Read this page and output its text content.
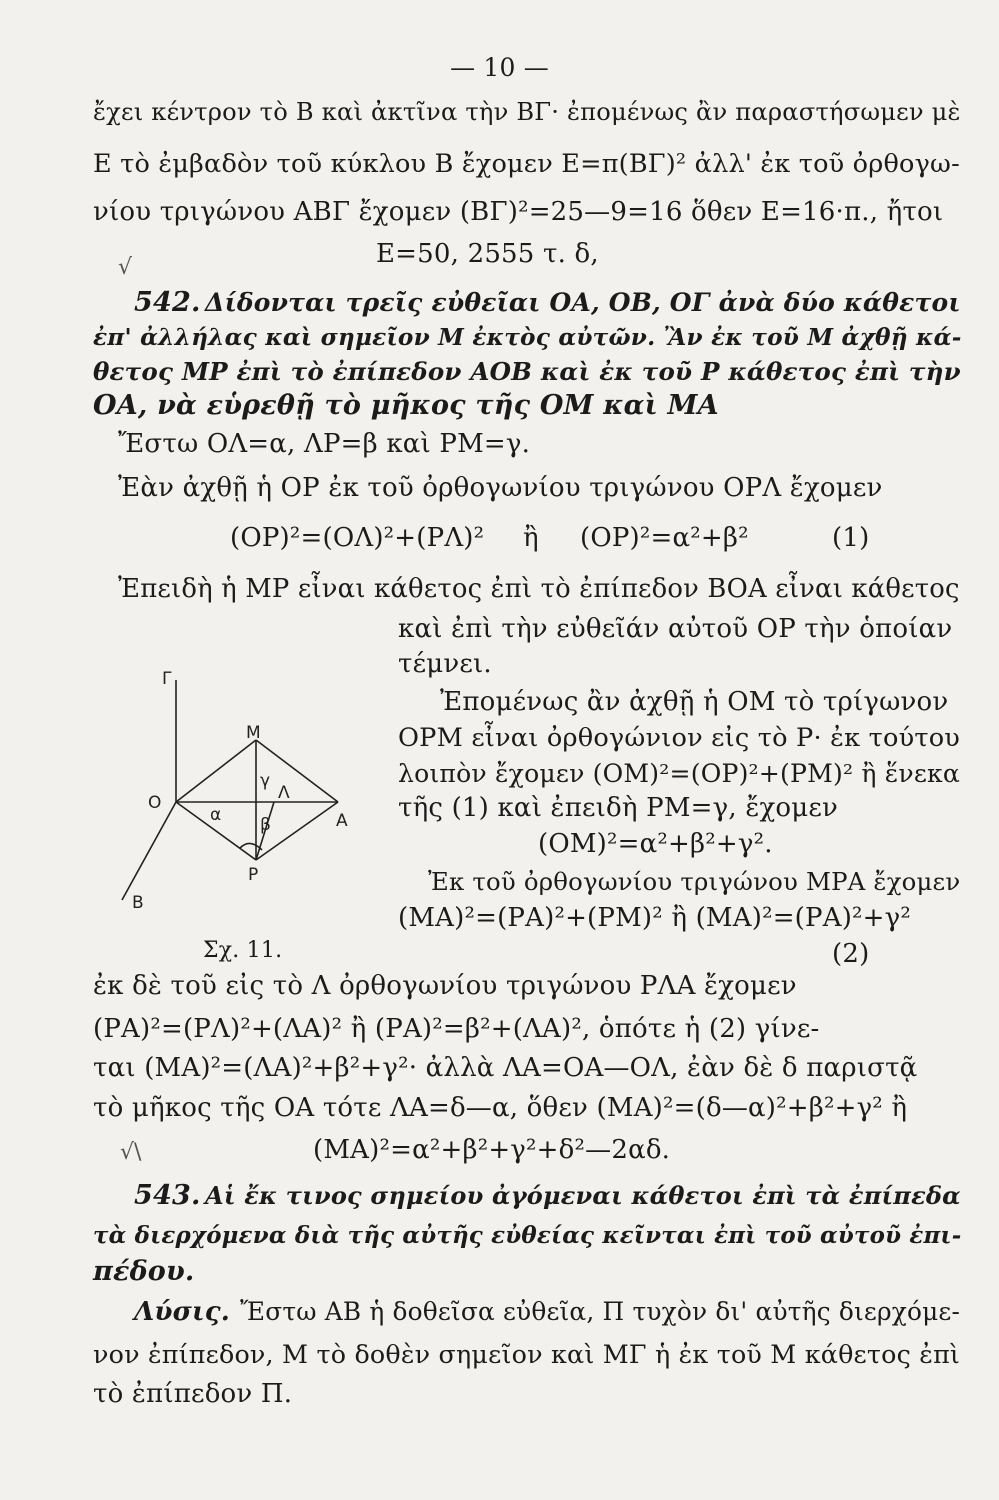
— 10 —
ἔχει κέντρον τὸ Β καὶ ἀκτῖνα τὴν ΒΓ· ἐπομένως ἂν παραστήσωμεν μὲ
Ε τὸ ἐμβαδὸν τοῦ κύκλου Β ἔχομεν Ε=π(ΒΓ)² ἀλλ' ἐκ τοῦ ὀρθογω-
νίου τριγώνου ΑΒΓ ἔχομεν (ΒΓ)²=25—9=16 ὅθεν Ε=16·π., ἤτοι
Ε=50, 2555 τ. δ,
√
542. Δίδονται τρεῖς εὐθεῖαι ΟΑ, ΟΒ, ΟΓ ἀνὰ δύο κάθετοι
ἐπ' ἀλλήλας καὶ σημεῖον Μ ἐκτὸς αὐτῶν. Ἂν ἐκ τοῦ Μ ἀχθῇ κά-
θετος ΜΡ ἐπὶ τὸ ἐπίπεδον ΑΟΒ καὶ ἐκ τοῦ Ρ κάθετος ἐπὶ τὴν
ΟΑ, νὰ εὑρεθῇ τὸ μῆκος τῆς ΟΜ καὶ ΜΑ
Ἔστω ΟΛ=α, ΛΡ=β καὶ ΡΜ=γ.
Ἐὰν ἀχθῇ ἡ ΟΡ ἐκ τοῦ ὀρθογωνίου τριγώνου ΟΡΛ ἔχομεν
(ΟΡ)²=(ΟΛ)²+(ΡΛ)² ἢ (ΟΡ)²=α²+β²	(1)
Ἐπειδὴ ἡ ΜΡ εἶναι κάθετος ἐπὶ τὸ ἐπίπεδον ΒΟΑ εἶναι κάθετος
καὶ ἐπὶ τὴν εὐθεῖάν αὐτοῦ ΟΡ τὴν ὁποίαν
τέμνει.
Ἐπομένως ἂν ἀχθῇ ἡ ΟΜ τὸ τρίγωνον
ΟΡΜ εἶναι ὀρθογώνιον εἰς τὸ Ρ· ἐκ τούτου
λοιπὸν ἔχομεν (ΟΜ)²=(ΟΡ)²+(ΡΜ)² ἢ ἕνεκα
τῆς (1) καὶ ἐπειδὴ ΡΜ=γ, ἔχομεν
(ΟΜ)²=α²+β²+γ².
Ἐκ τοῦ ὀρθογωνίου τριγώνου ΜΡΑ ἔχομεν
(ΜΑ)²=(ΡΑ)²+(ΡΜ)² ἢ (ΜΑ)²=(ΡΑ)²+γ²
(2)
Γ
Μ
Ο
Α
Λ
Β
Ρ
α β
γ
Σχ. 11.
ἐκ δὲ τοῦ εἰς τὸ Λ ὀρθογωνίου τριγώνου ΡΛΑ ἔχομεν
(ΡΑ)²=(ΡΛ)²+(ΛΑ)² ἢ (ΡΑ)²=β²+(ΛΑ)², ὁπότε ἡ (2) γίνε-
ται (ΜΑ)²=(ΛΑ)²+β²+γ²· ἀλλὰ ΛΑ=ΟΑ—ΟΛ, ἐὰν δὲ δ παριστᾷ
τὸ μῆκος τῆς ΟΑ τότε ΛΑ=δ—α, ὅθεν (ΜΑ)²=(δ—α)²+β²+γ² ἢ
(ΜΑ)²=α²+β²+γ²+δ²—2αδ.
√\
543. Αἱ ἔκ τινος σημείου ἀγόμεναι κάθετοι ἐπὶ τὰ ἐπίπεδα
τὰ διερχόμενα διὰ τῆς αὐτῆς εὐθείας κεῖνται ἐπὶ τοῦ αὐτοῦ ἐπι-
πέδου.
Λύσις. Ἔστω ΑΒ ἡ δοθεῖσα εὐθεῖα, Π τυχὸν δι' αὐτῆς διερχόμε-
νον ἐπίπεδον, Μ τὸ δοθὲν σημεῖον καὶ ΜΓ ἡ ἐκ τοῦ Μ κάθετος ἐπὶ
τὸ ἐπίπεδον Π.
